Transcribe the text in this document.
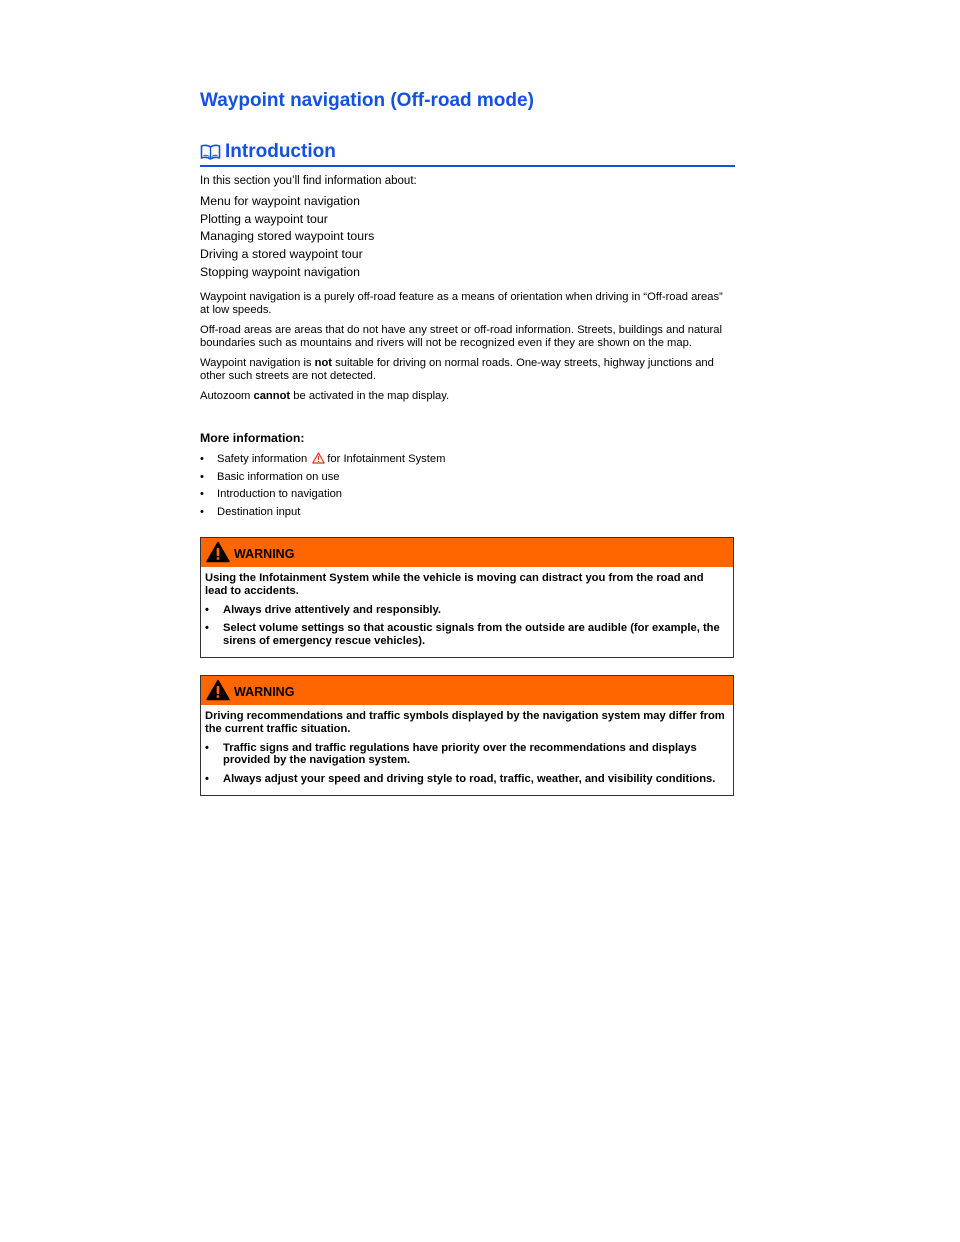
Waypoint navigation (Off-road mode)
Introduction
In this section you’ll find information about:
Menu for waypoint navigation
Plotting a waypoint tour
Managing stored waypoint tours
Driving a stored waypoint tour
Stopping waypoint navigation

Waypoint navigation is a purely off-road feature as a means of orientation when driving in “Off-road areas” at low speeds.

Off-road areas are areas that do not have any street or off-road information. Streets, buildings and natural boundaries such as mountains and rivers will not be recognized even if they are shown on the map.

Waypoint navigation is not suitable for driving on normal roads. One-way streets, highway junctions and other such streets are not detected.

Autozoom cannot be activated in the map display.

More information:
• Safety information for Infotainment System
• Basic information on use
• Introduction to navigation
• Destination input
WARNING

Using the Infotainment System while the vehicle is moving can distract you from the road and lead to accidents.

• Always drive attentively and responsibly.

• Select volume settings so that acoustic signals from the outside are audible (for example, the sirens of emergency rescue vehicles).

WARNING

Driving recommendations and traffic symbols displayed by the navigation system may differ from the current traffic situation.

• Traffic signs and traffic regulations have priority over the recommendations and displays provided by the navigation system.

• Always adjust your speed and driving style to road, traffic, weather, and visibility conditions.
